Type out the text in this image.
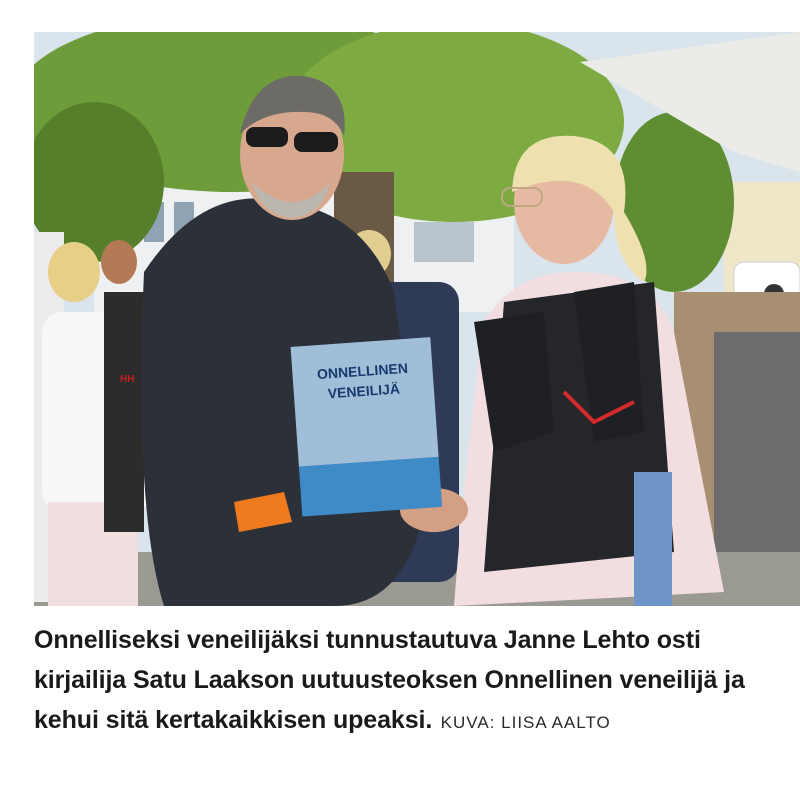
ONNELLINEN
VENEILIJÄ
HH
Onnelliseksi veneilijäksi tunnustautuva Janne Lehto osti kirjailija Satu Laakson uutuusteoksen Onnellinen veneilijä ja kehui sitä kertakaikkisen upeaksi. KUVA: LIISA AALTO
